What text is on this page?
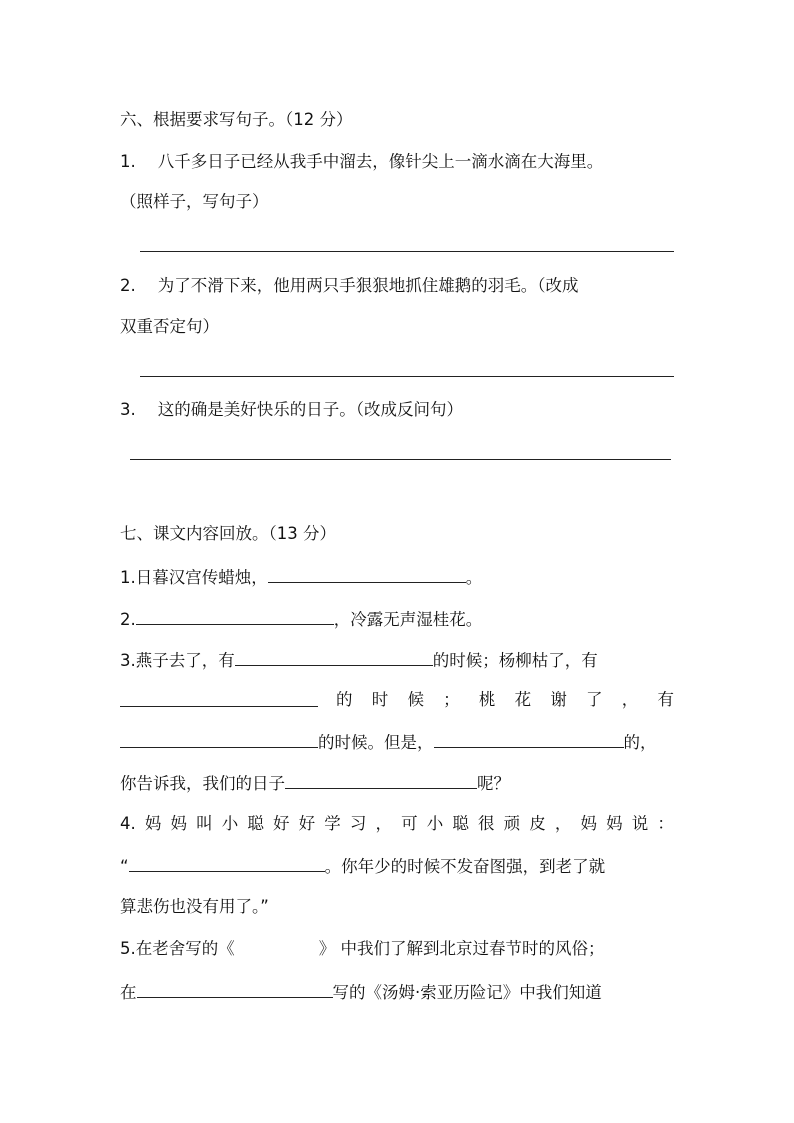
六、根据要求写句子。（12 分）
1. 八千多日子已经从我手中溜去，像针尖上一滴水滴在大海里。
（照样子，写句子）
2. 为了不滑下来，他用两只手狠狠地抓住雄鹅的羽毛。（改成
双重否定句）
3. 这的确是美好快乐的日子。（改成反问句）
七、课文内容回放。（13 分）
1.日暮汉宫传蜡烛，	。
2.	，冷露无声湿桂花。
3.燕子去了，有	的时候；杨柳枯了，有
的 时 候 ； 桃 花 谢 了 ， 有
的时候。但是，	的，
你告诉我，我们的日子	呢？
4. 妈 妈 叫 小 聪 好 好 学 习 ， 可 小 聪 很 顽 皮 ， 妈 妈 说 ：
“	。你年少的时候不发奋图强，到老了就
算悲伤也没有用了。”
5.在老舍写的《	》 中我们了解到北京过春节时的风俗；
在	写的《汤姆·索亚历险记》中我们知道
